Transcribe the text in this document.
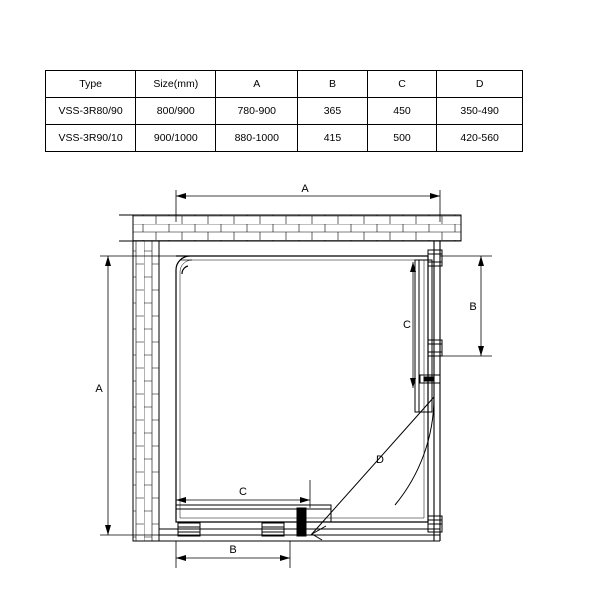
Type	Size(mm)	A	B	C	D
VSS-3R80/90	800/900	780-900	365	450	350-490
VSS-3R90/10	900/1000	880-1000	415	500	420-560
A
A
B
C
C
B
D
